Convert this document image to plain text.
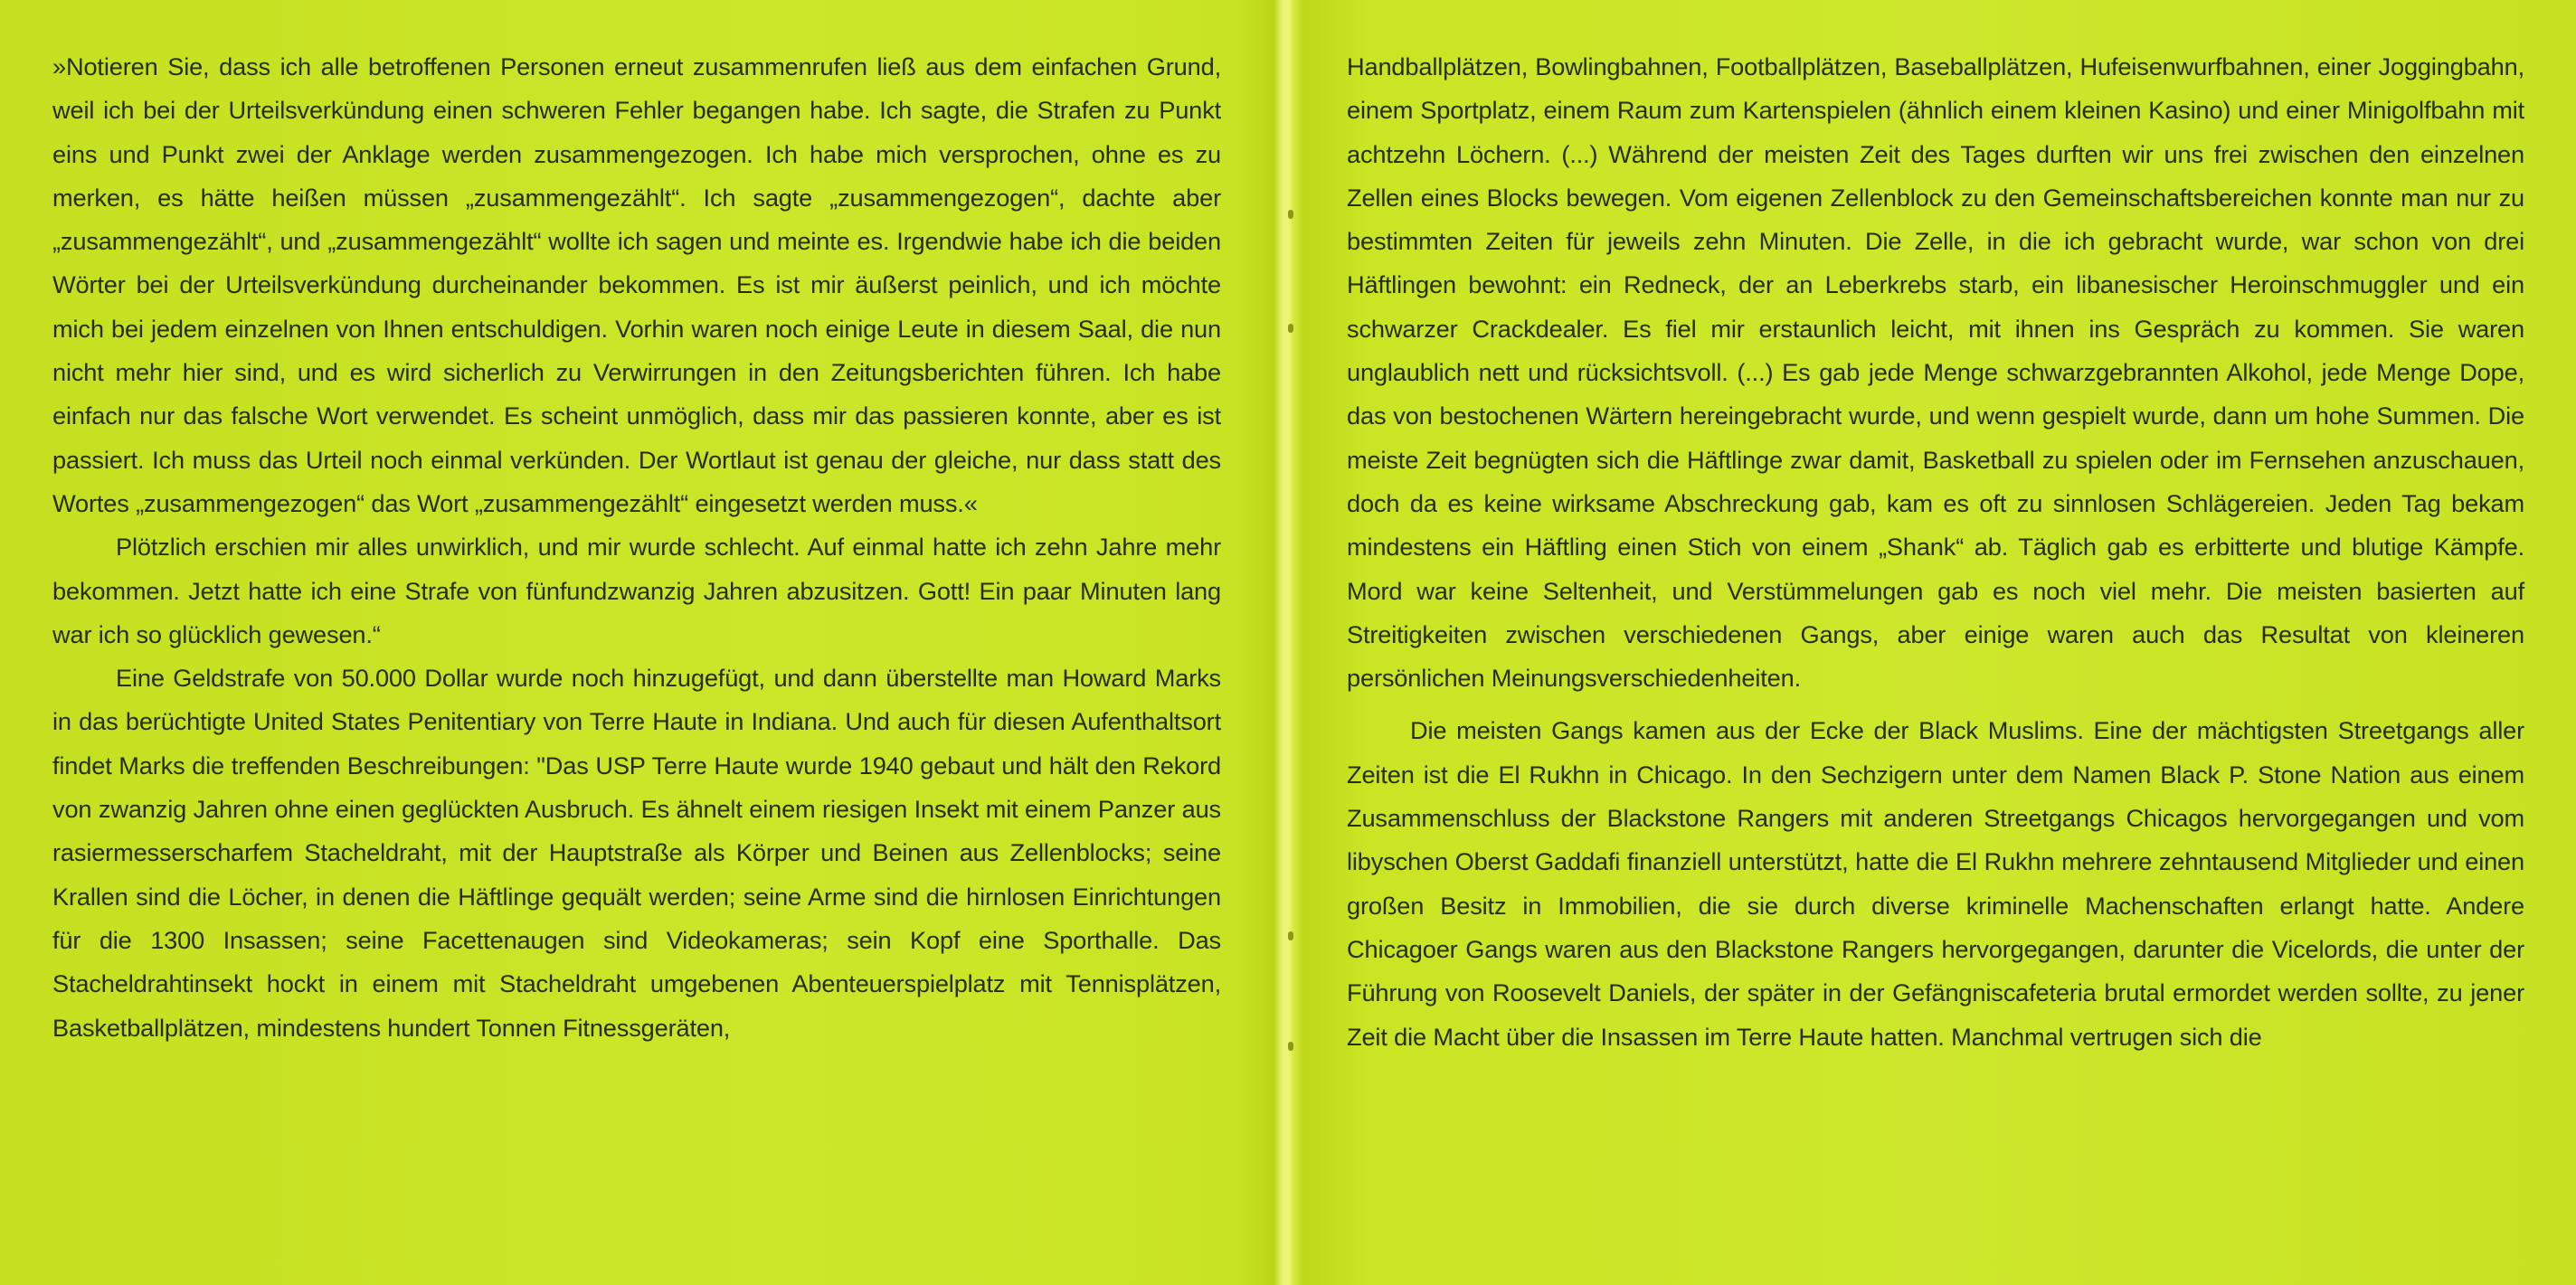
»Notieren Sie, dass ich alle betroffenen Personen erneut zusammenrufen ließ aus dem einfachen Grund, weil ich bei der Urteilsverkündung einen schweren Fehler begangen habe. Ich sagte, die Strafen zu Punkt eins und Punkt zwei der Anklage werden zusammengezogen. Ich habe mich versprochen, ohne es zu merken, es hätte heißen müssen „zusammengezählt“. Ich sagte „zusammengezogen“, dachte aber „zusammengezählt“, und „zusammengezählt“ wollte ich sagen und meinte es. Irgendwie habe ich die beiden Wörter bei der Urteilsverkündung durcheinander bekommen. Es ist mir äußerst peinlich, und ich möchte mich bei jedem einzelnen von Ihnen entschuldigen. Vorhin waren noch einige Leute in diesem Saal, die nun nicht mehr hier sind, und es wird sicherlich zu Verwirrungen in den Zeitungsberichten führen. Ich habe einfach nur das falsche Wort verwendet. Es scheint unmöglich, dass mir das passieren konnte, aber es ist passiert. Ich muss das Urteil noch einmal verkünden. Der Wortlaut ist genau der gleiche, nur dass statt des Wortes „zusammengezogen“ das Wort „zusammengezählt“ eingesetzt werden muss.«

Plötzlich erschien mir alles unwirklich, und mir wurde schlecht. Auf einmal hatte ich zehn Jahre mehr bekommen. Jetzt hatte ich eine Strafe von fünfundzwanzig Jahren abzusitzen. Gott! Ein paar Minuten lang war ich so glücklich gewesen.“

Eine Geldstrafe von 50.000 Dollar wurde noch hinzugefügt, und dann überstellte man Howard Marks in das berüchtigte United States Penitentiary von Terre Haute in Indiana. Und auch für diesen Aufenthaltsort findet Marks die treffenden Beschreibungen: "Das USP Terre Haute wurde 1940 gebaut und hält den Rekord von zwanzig Jahren ohne einen geglückten Ausbruch. Es ähnelt einem riesigen Insekt mit einem Panzer aus rasiermesserscharfem Stacheldraht, mit der Hauptstraße als Körper und Beinen aus Zellenblocks; seine Krallen sind die Löcher, in denen die Häftlinge gequält werden; seine Arme sind die hirnlosen Einrichtungen für die 1300 Insassen; seine Facettenaugen sind Videokameras; sein Kopf eine Sporthalle. Das Stacheldrahtinsekt hockt in einem mit Stacheldraht umgebenen Abenteuerspielplatz mit Tennisplätzen, Basketballplätzen, mindestens hundert Tonnen Fitnessgeräten,

Handballplätzen, Bowlingbahnen, Footballplätzen, Baseballplätzen, Hufeisenwurfbahnen, einer Joggingbahn, einem Sportplatz, einem Raum zum Kartenspielen (ähnlich einem kleinen Kasino) und einer Minigolfbahn mit achtzehn Löchern. (...) Während der meisten Zeit des Tages durften wir uns frei zwischen den einzelnen Zellen eines Blocks bewegen. Vom eigenen Zellenblock zu den Gemeinschaftsbereichen konnte man nur zu bestimmten Zeiten für jeweils zehn Minuten. Die Zelle, in die ich gebracht wurde, war schon von drei Häftlingen bewohnt: ein Redneck, der an Leberkrebs starb, ein libanesischer Heroinschmuggler und ein schwarzer Crackdealer. Es fiel mir erstaunlich leicht, mit ihnen ins Gespräch zu kommen. Sie waren unglaublich nett und rücksichtsvoll. (...) Es gab jede Menge schwarzgebrannten Alkohol, jede Menge Dope, das von bestochenen Wärtern hereingebracht wurde, und wenn gespielt wurde, dann um hohe Summen. Die meiste Zeit begnügten sich die Häftlinge zwar damit, Basketball zu spielen oder im Fernsehen anzuschauen, doch da es keine wirksame Abschreckung gab, kam es oft zu sinnlosen Schlägereien. Jeden Tag bekam mindestens ein Häftling einen Stich von einem „Shank“ ab. Täglich gab es erbitterte und blutige Kämpfe. Mord war keine Seltenheit, und Verstümmelungen gab es noch viel mehr. Die meisten basierten auf Streitigkeiten zwischen verschiedenen Gangs, aber einige waren auch das Resultat von kleineren persönlichen Meinungsverschiedenheiten.

Die meisten Gangs kamen aus der Ecke der Black Muslims. Eine der mächtigsten Streetgangs aller Zeiten ist die El Rukhn in Chicago. In den Sechzigern unter dem Namen Black P. Stone Nation aus einem Zusammenschluss der Blackstone Rangers mit anderen Streetgangs Chicagos hervorgegangen und vom libyschen Oberst Gaddafi finanziell unterstützt, hatte die El Rukhn mehrere zehntausend Mitglieder und einen großen Besitz in Immobilien, die sie durch diverse kriminelle Machenschaften erlangt hatte. Andere Chicagoer Gangs waren aus den Blackstone Rangers hervorgegangen, darunter die Vicelords, die unter der Führung von Roosevelt Daniels, der später in der Gefängniscafeteria brutal ermordet werden sollte, zu jener Zeit die Macht über die Insassen im Terre Haute hatten. Manchmal vertrugen sich die
